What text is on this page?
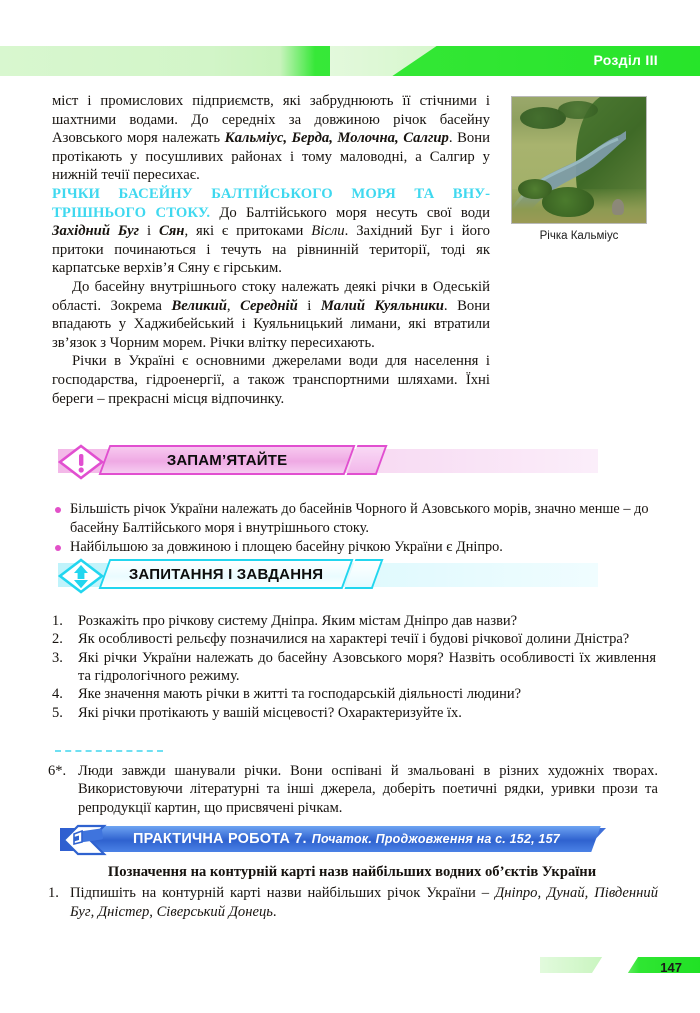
Розділ III

міст і промислових підприємств, які забруднюють її стічними і шахтними водами. До середніх за довжиною річок басейну Азовського моря належать Кальміус, Берда, Молочна, Салгир. Вони протікають у посушливих районах і тому маловодні, а Салгир у нижній течії пересихає.

РІЧКИ БАСЕЙНУ БАЛТІЙСЬКОГО МОРЯ ТА ВНУТРІШНЬОГО СТОКУ. До Балтійського моря несуть свої води Західний Буг і Сян, які є притоками Вісли. Західний Буг і його притоки починаються і течуть на рівнинній території, тоді як карпатське верхів’я Сяну є гірським.

До басейну внутрішнього стоку належать деякі річки в Одеській області. Зокрема Великий, Середній і Малий Куяльники. Вони впадають у Хаджибейський і Куяльницький лимани, які втратили зв’язок з Чорним морем. Річки влітку пересихають.

Річки в Україні є основними джерелами води для населення і господарства, гідроенергії, а також транспортними шляхами. Їхні береги – прекрасні місця відпочинку.

Річка Кальміус
ЗАПАМ’ЯТАЙТЕ
Більшість річок України належать до басейнів Чорного й Азовського морів, значно менше – до басейну Балтійського моря і внутрішнього стоку.
Найбільшою за довжиною і площею басейну річкою України є Дніпро.
ЗАПИТАННЯ І ЗАВДАННЯ
1.	Розкажіть про річкову систему Дніпра. Яким містам Дніпро дав назви?
2.	Як особливості рельєфу позначилися на характері течії і будові річкової долини Дністра?
3.	Які річки України належать до басейну Азовського моря? Назвіть особливості їх живлення та гідрологічного режиму.
4.	Яке значення мають річки в житті та господарській діяльності людини?
5.	Які річки протікають у вашій місцевості? Охарактеризуйте їх.
6*. Люди завжди шанували річки. Вони оспівані й змальовані в різних художніх творах. Використовуючи літературні та інші джерела, доберіть поетичні рядки, уривки прози та репродукції картин, що присвячені річкам.
ПРАКТИЧНА РОБОТА 7. Початок. Проджовження на с. 152, 157
Позначення на контурній карті назв найбільших водних об’єктів України
1. Підпишіть на контурній карті назви найбільших річок України – Дніпро, Дунай, Південний Буг, Дністер, Сіверський Донець.
147
